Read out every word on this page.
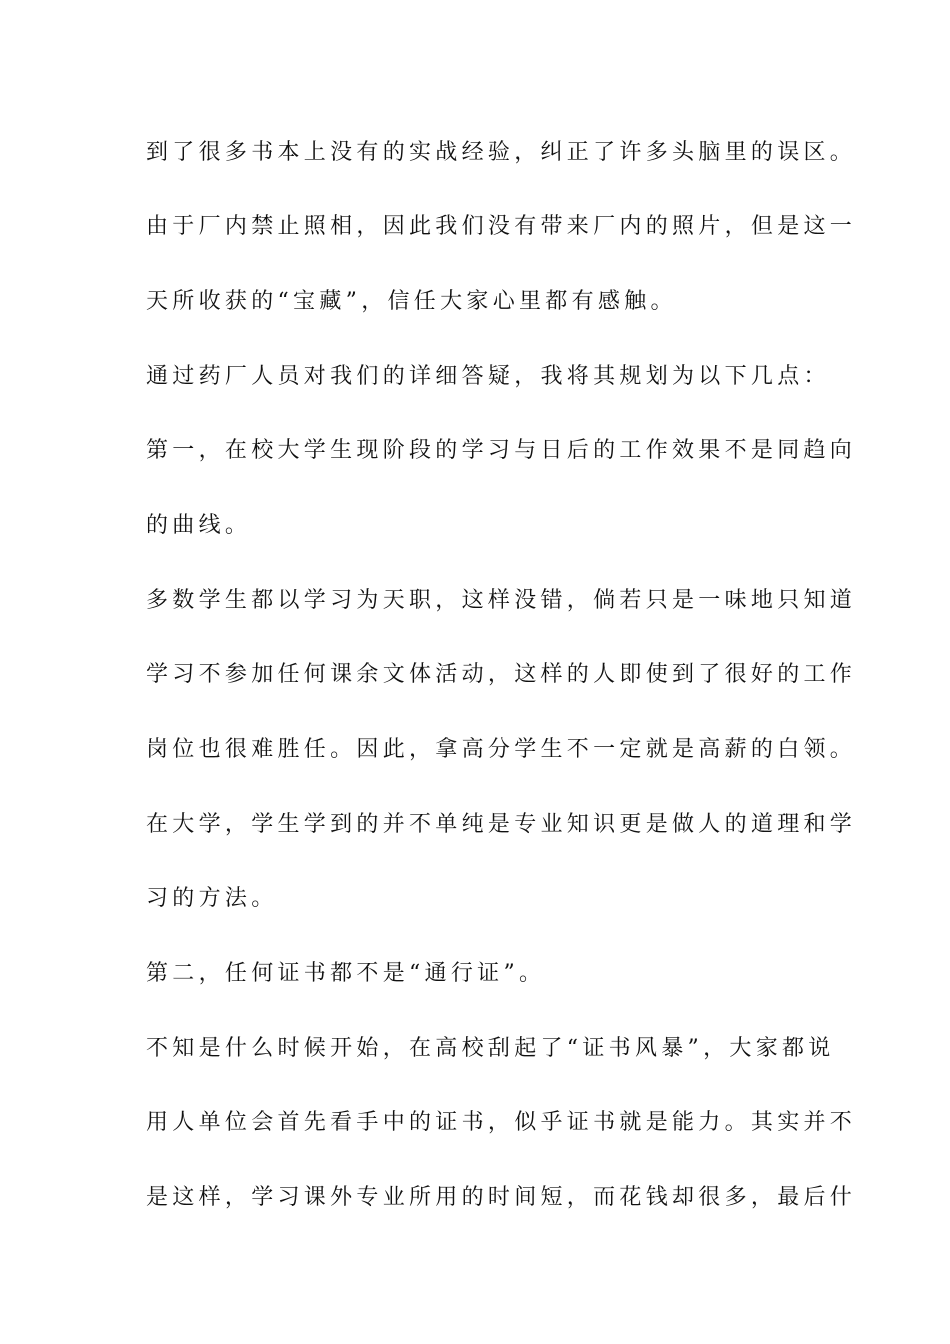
到了很多书本上没有的实战经验，纠正了许多头脑里的误区。
由于厂内禁止照相，因此我们没有带来厂内的照片，但是这一
天所收获的“宝藏”，信任大家心里都有感触。
通过药厂人员对我们的详细答疑，我将其规划为以下几点：
第一，在校大学生现阶段的学习与日后的工作效果不是同趋向
的曲线。
多数学生都以学习为天职，这样没错，倘若只是一味地只知道
学习不参加任何课余文体活动，这样的人即使到了很好的工作
岗位也很难胜任。因此，拿高分学生不一定就是高薪的白领。
在大学，学生学到的并不单纯是专业知识更是做人的道理和学
习的方法。
第二，任何证书都不是“通行证”。
不知是什么时候开始，在高校刮起了“证书风暴”，大家都说
用人单位会首先看手中的证书，似乎证书就是能力。其实并不
是这样，学习课外专业所用的时间短，而花钱却很多，最后什
